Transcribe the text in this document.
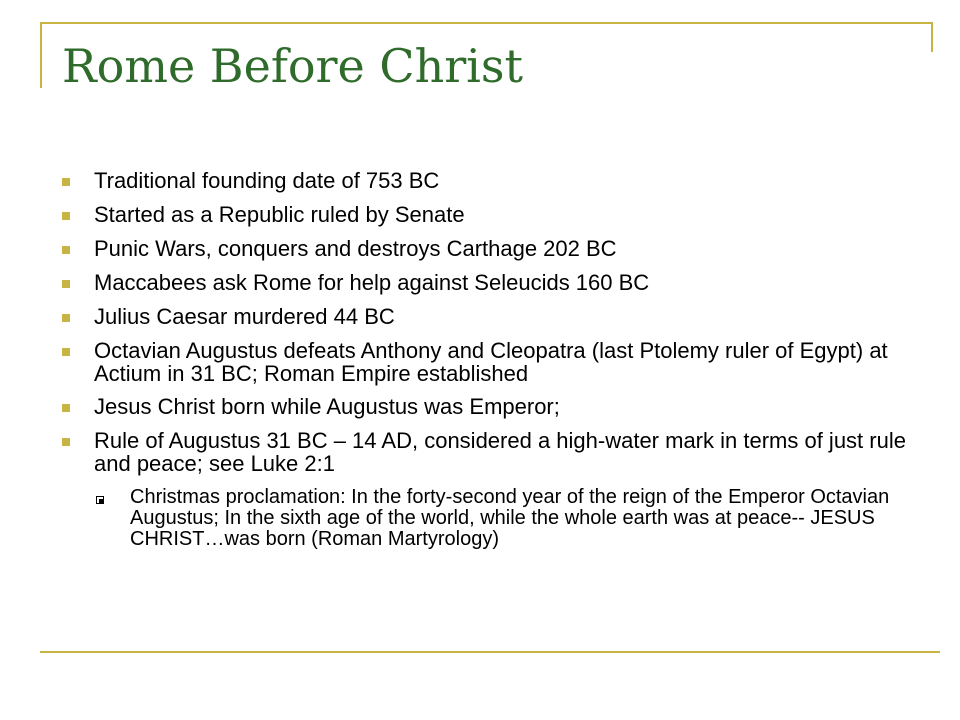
Rome Before Christ
Traditional founding date of 753 BC
Started as a Republic ruled by Senate
Punic Wars, conquers and destroys Carthage 202 BC
Maccabees ask Rome for help against Seleucids 160 BC
Julius Caesar murdered 44 BC
Octavian Augustus defeats Anthony and Cleopatra (last Ptolemy ruler of Egypt) at Actium in 31 BC; Roman Empire established
Jesus Christ born while Augustus was Emperor;
Rule of Augustus 31 BC – 14 AD, considered a high-water mark in terms of just rule and peace; see Luke 2:1
Christmas proclamation: In the forty-second year of the reign of the Emperor Octavian Augustus; In the sixth age of the world, while the whole earth was at peace-- JESUS CHRIST…was born (Roman Martyrology)
